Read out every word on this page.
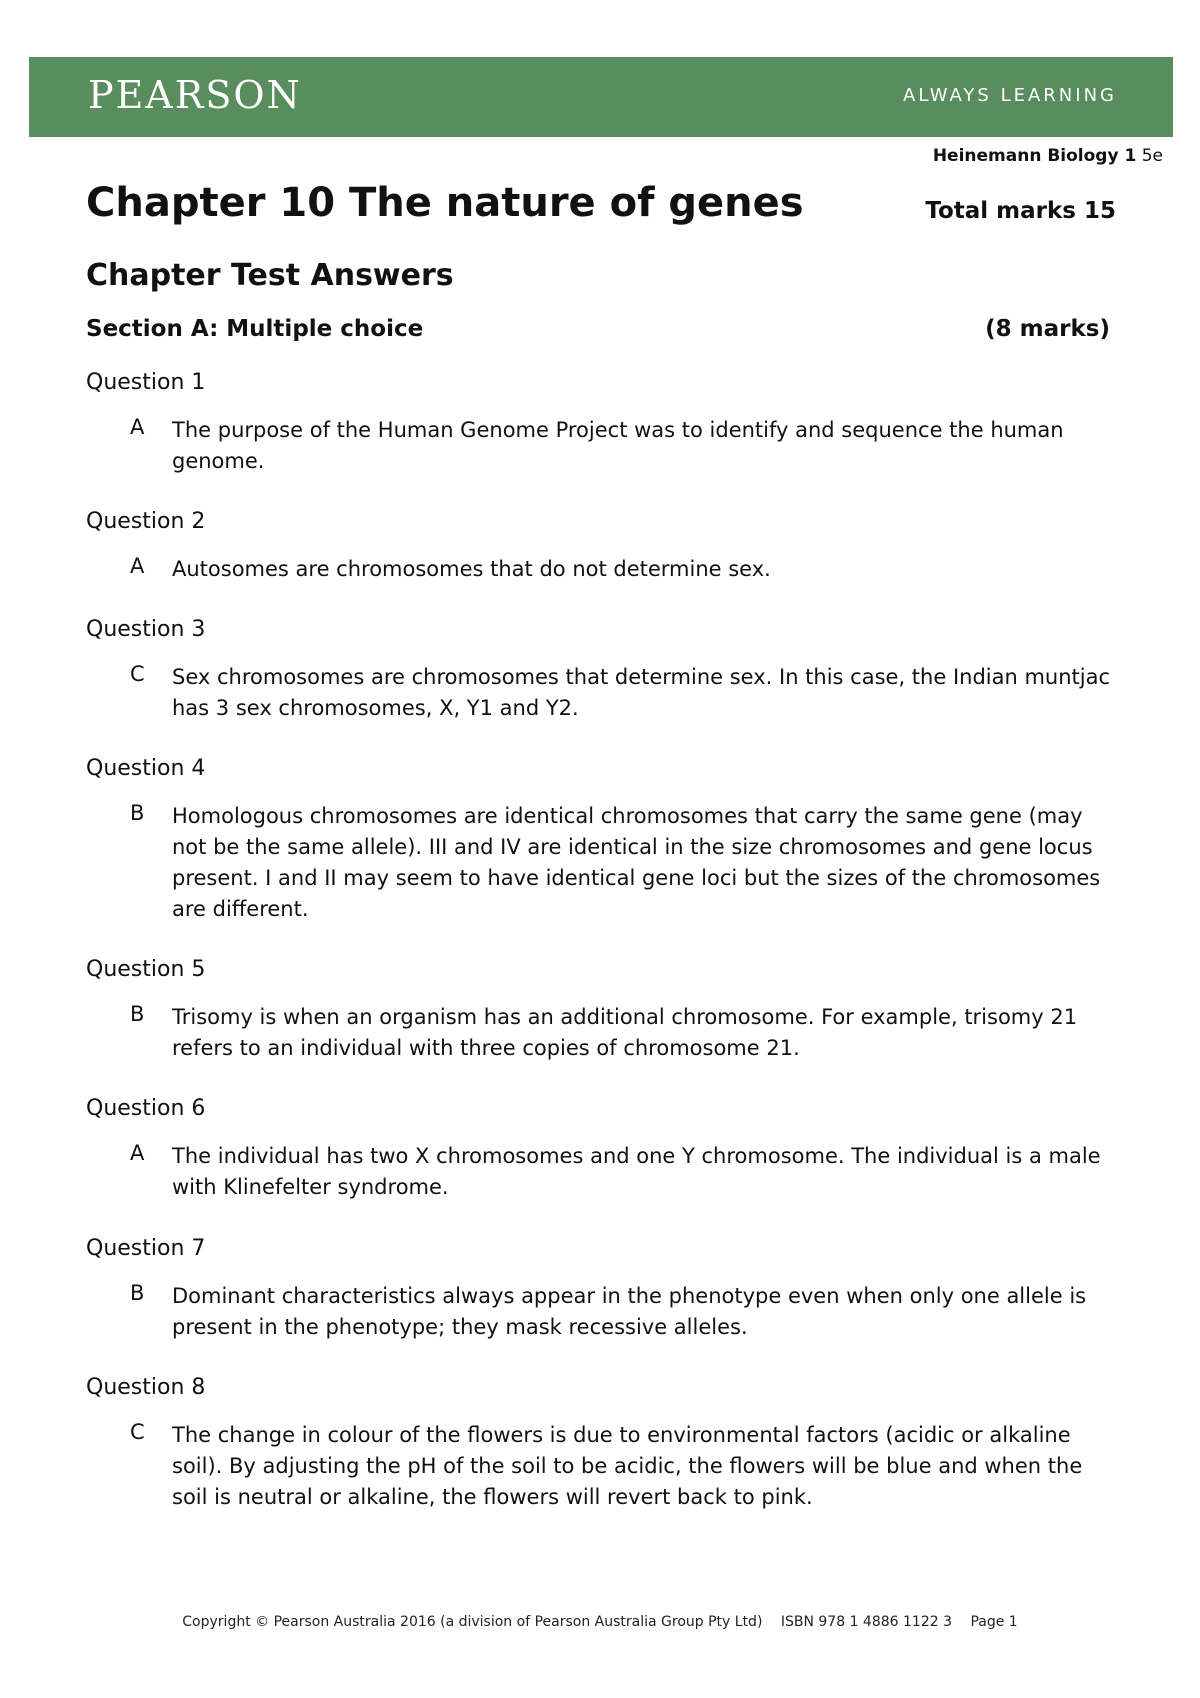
PEARSON	ALWAYS LEARNING
Heinemann Biology 1 5e
Chapter 10 The nature of genes	Total marks 15
Chapter Test Answers
Section A: Multiple choice	(8 marks)
Question 1
A The purpose of the Human Genome Project was to identify and sequence the human genome.

Question 2
A Autosomes are chromosomes that do not determine sex.

Question 3
C Sex chromosomes are chromosomes that determine sex. In this case, the Indian muntjac has 3 sex chromosomes, X, Y1 and Y2.

Question 4
B Homologous chromosomes are identical chromosomes that carry the same gene (may not be the same allele). III and IV are identical in the size chromosomes and gene locus present. I and II may seem to have identical gene loci but the sizes of the chromosomes are different.

Question 5
B Trisomy is when an organism has an additional chromosome. For example, trisomy 21 refers to an individual with three copies of chromosome 21.

Question 6
A The individual has two X chromosomes and one Y chromosome. The individual is a male with Klinefelter syndrome.

Question 7
B Dominant characteristics always appear in the phenotype even when only one allele is present in the phenotype; they mask recessive alleles.

Question 8
C The change in colour of the flowers is due to environmental factors (acidic or alkaline soil). By adjusting the pH of the soil to be acidic, the flowers will be blue and when the soil is neutral or alkaline, the flowers will revert back to pink.

Copyright © Pearson Australia 2016 (a division of Pearson Australia Group Pty Ltd) ISBN 978 1 4886 1122 3 Page 1
